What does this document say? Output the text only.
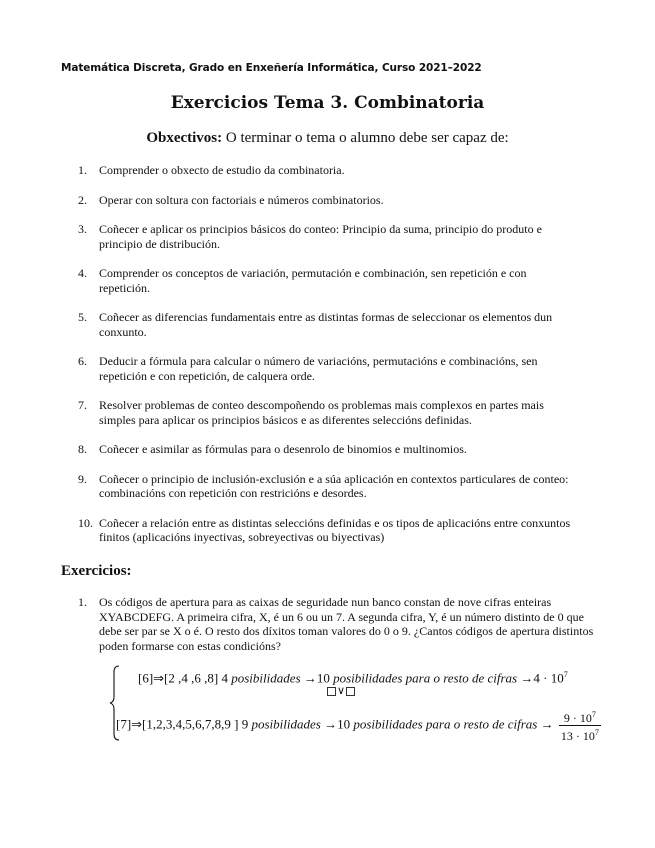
Matemática Discreta, Grado en Enxeñería Informática, Curso 2021–2022
Exercicios Tema 3. Combinatoria
Obxectivos: O terminar o tema o alumno debe ser capaz de:
1. Comprender o obxecto de estudio da combinatoria.
2. Operar con soltura con factoriais e números combinatorios.
3. Coñecer e aplicar os principios básicos do conteo: Principio da suma, principio do produto e principio de distribución.
4. Comprender os conceptos de variación, permutación e combinación, sen repetición e con repetición.
5. Coñecer as diferencias fundamentais entre as distintas formas de seleccionar os elementos dun conxunto.
6. Deducir a fórmula para calcular o número de variacións, permutacións e combinacións, sen repetición e con repetición, de calquera orde.
7. Resolver problemas de conteo descompoñendo os problemas mais complexos en partes mais simples para aplicar os principios básicos e as diferentes seleccións definidas.
8. Coñecer e asimilar as fórmulas para o desenrolo de binomios e multinomios.
9. Coñecer o principio de inclusión-exclusión e a súa aplicación en contextos particulares de conteo: combinacións con repetición con restricións e desordes.
10. Coñecer a relación entre as distintas seleccións definidas e os tipos de aplicacións entre conxuntos finitos (aplicacións inyectivas, sobreyectivas ou biyectivas)
Exercicios:
1.	Os códigos de apertura para as caixas de seguridade nun banco constan de nove cifras enteiras XYABCDEFG. A primeira cifra, X, é un 6 ou un 7. A segunda cifra, Y, é un número distinto de 0 que debe ser par se X o é. O resto dos díxitos toman valores do 0 o 9. ¿Cantos códigos de apertura distintos poden formarse con estas condicións?
[6]⇒[2 ,4 ,6 ,8] 4 posibilidades →10 posibilidades para o resto de cifras $\to 4 \cdot 10^7$
∨
[7]⇒[1,2,3,4,5,6,7,8,9 ] 9 posibilidades →10 posibilidades para o resto de cifras → $\frac{9 \cdot 10^7}{13 \cdot 10^7}$
